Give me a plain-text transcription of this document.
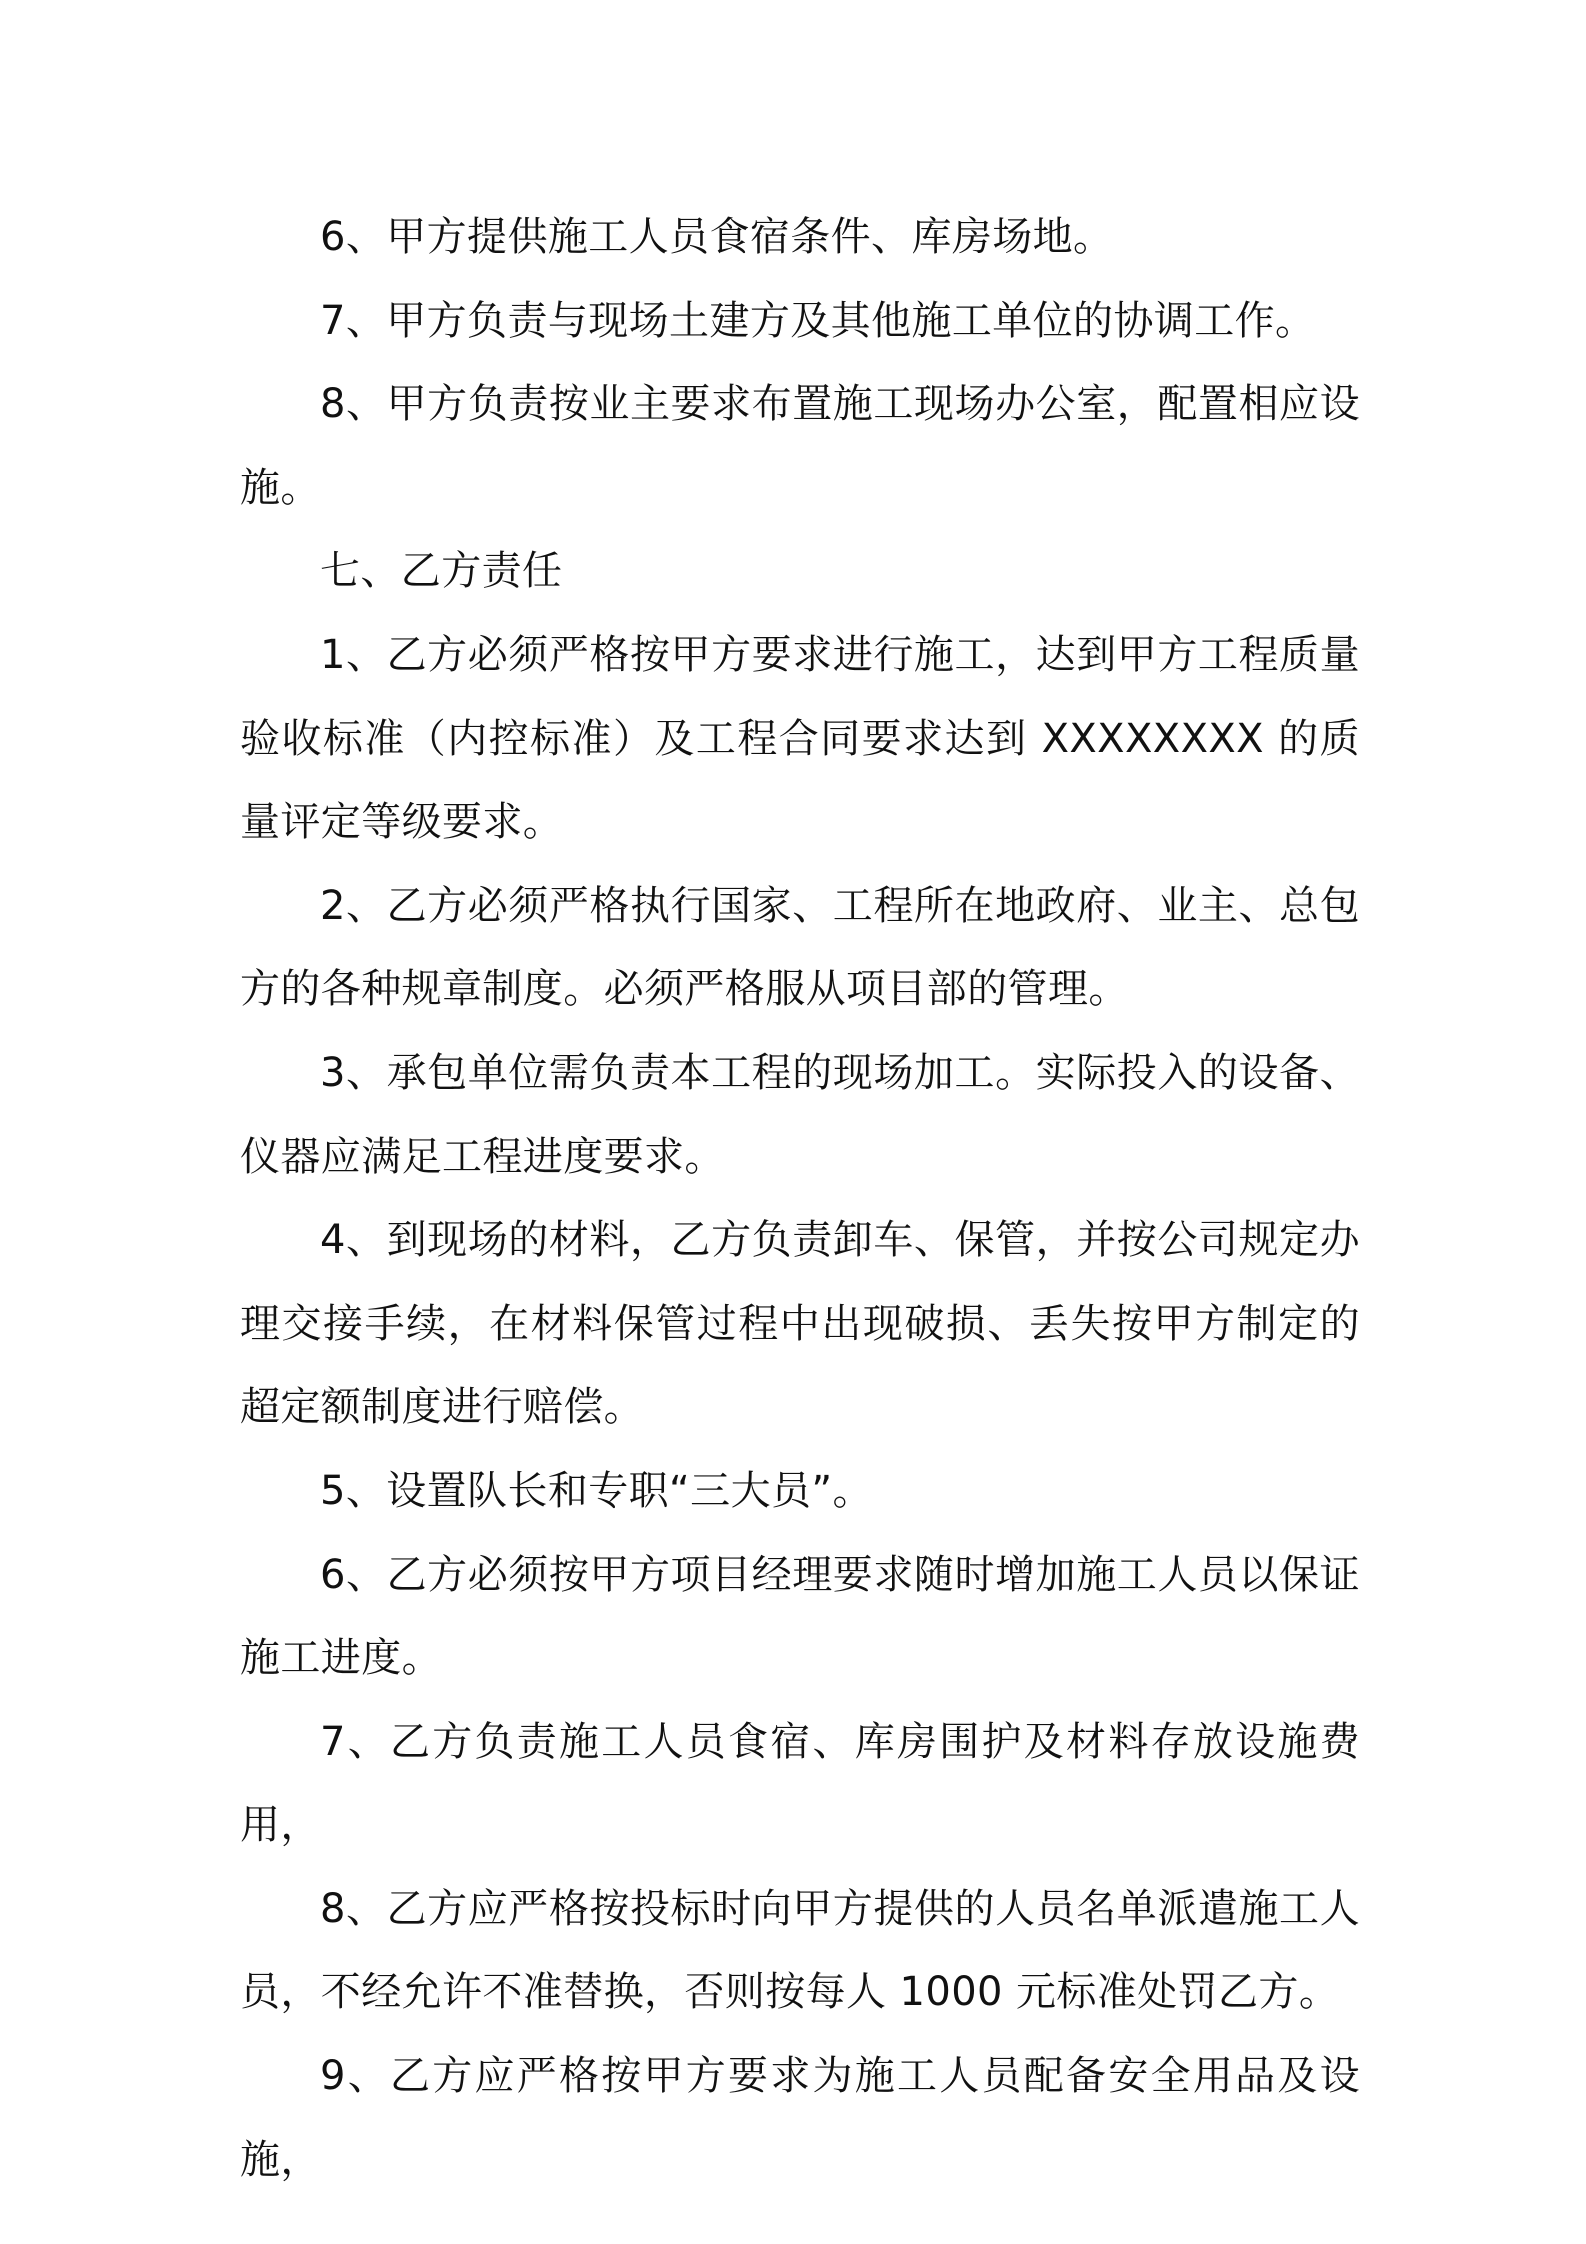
6、甲方提供施工人员食宿条件、库房场地。

7、甲方负责与现场土建方及其他施工单位的协调工作。

8、甲方负责按业主要求布置施工现场办公室，配置相应设施。

七、乙方责任

1、乙方必须严格按甲方要求进行施工，达到甲方工程质量验收标准（内控标准）及工程合同要求达到 XXXXXXXX 的质量评定等级要求。

2、乙方必须严格执行国家、工程所在地政府、业主、总包方的各种规章制度。必须严格服从项目部的管理。

3、承包单位需负责本工程的现场加工。实际投入的设备、仪器应满足工程进度要求。

4、到现场的材料，乙方负责卸车、保管，并按公司规定办理交接手续，在材料保管过程中出现破损、丢失按甲方制定的超定额制度进行赔偿。

5、设置队长和专职“三大员”。

6、乙方必须按甲方项目经理要求随时增加施工人员以保证施工进度。

7、乙方负责施工人员食宿、库房围护及材料存放设施费用，

8、乙方应严格按投标时向甲方提供的人员名单派遣施工人员，不经允许不准替换，否则按每人 1000 元标准处罚乙方。

9、乙方应严格按甲方要求为施工人员配备安全用品及设施，
